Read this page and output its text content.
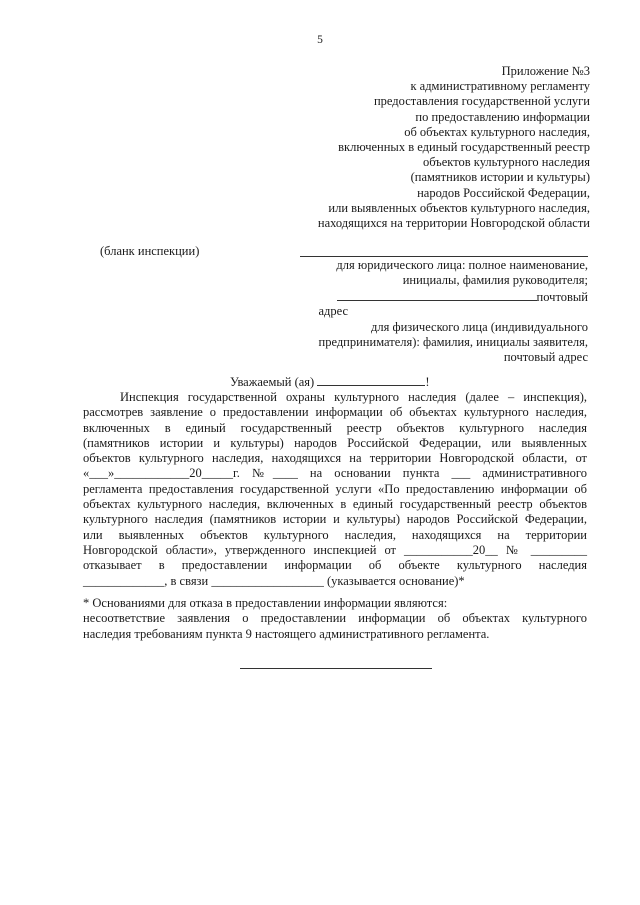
5
Приложение №3
к административному регламенту
предоставления государственной услуги
по предоставлению информации
об объектах культурного наследия,
включенных в единый государственный реестр
объектов культурного наследия
(памятников истории и культуры)
народов Российской Федерации,
или выявленных объектов культурного наследия,
находящихся на территории Новгородской области
(бланк инспекции)
для юридического лица: полное наименование,
инициалы, фамилия руководителя;
почтовый
адрес
для физического лица (индивидуального
предпринимателя): фамилия, инициалы заявителя,
почтовый адрес
Уважаемый (ая)	!
Инспекция государственной охраны культурного наследия (далее – инспекция),
рассмотрев заявление о предоставлении информации об объектах культурного наследия,
включенных в единый государственный реестр объектов культурного наследия
(памятников истории и культуры) народов Российской Федерации, или выявленных
объектов культурного наследия, находящихся на территории Новгородской области, от
«___»____________20_____г. №____ на основании пункта ___ административного
регламента предоставления государственной услуги «По предоставлению информации об
объектах культурного наследия, включенных в единый государственный реестр объектов
культурного наследия (памятников истории и культуры) народов Российской Федерации,
или выявленных объектов культурного наследия, находящихся на территории
Новгородской области», утвержденного инспекцией от ___________20__ № _________
отказывает в предоставлении информации об объекте культурного наследия
_____________, в связи __________________ (указывается основание)*
* Основаниями для отказа в предоставлении информации являются:
несоответствие заявления о предоставлении информации об объектах культурного
наследия требованиям пункта 9 настоящего административного регламента.
